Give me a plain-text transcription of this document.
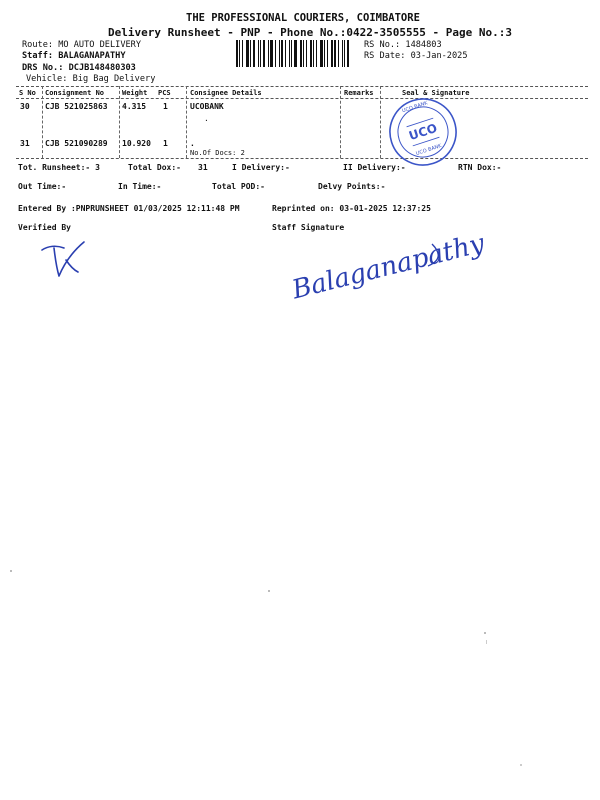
THE PROFESSIONAL COURIERS, COIMBATORE
Delivery Runsheet - PNP - Phone No.:0422-3505555 - Page No.:3
Route: MO AUTO DELIVERY
Staff: BALAGANAPATHY
DRS No.: DCJB148480303
Vehicle: Big Bag Delivery
RS No.: 1484803
RS Date: 03-Jan-2025
S No Consignment No	Weight PCS	Consignee Details	Remarks	Seal & Signature
30 CJB 521025863 4.315 1	UCOBANK
.
31 CJB 521090289 10.920 1	.
No.Of Docs: 2
UCO
UCO BANK
UCO BANK
Tot. Runsheet:- 3	Total Dox:- 31	I Delivery:-	II Delivery:-	RTN Dox:-
Out Time:-	In Time:-	Total POD:-	Delvy Points:-
Entered By :PNPRUNSHEET 01/03/2025 12:11:48 PM	Reprinted on: 03-01-2025 12:37:25
Verified By	Staff Signature
Balaganapathy
